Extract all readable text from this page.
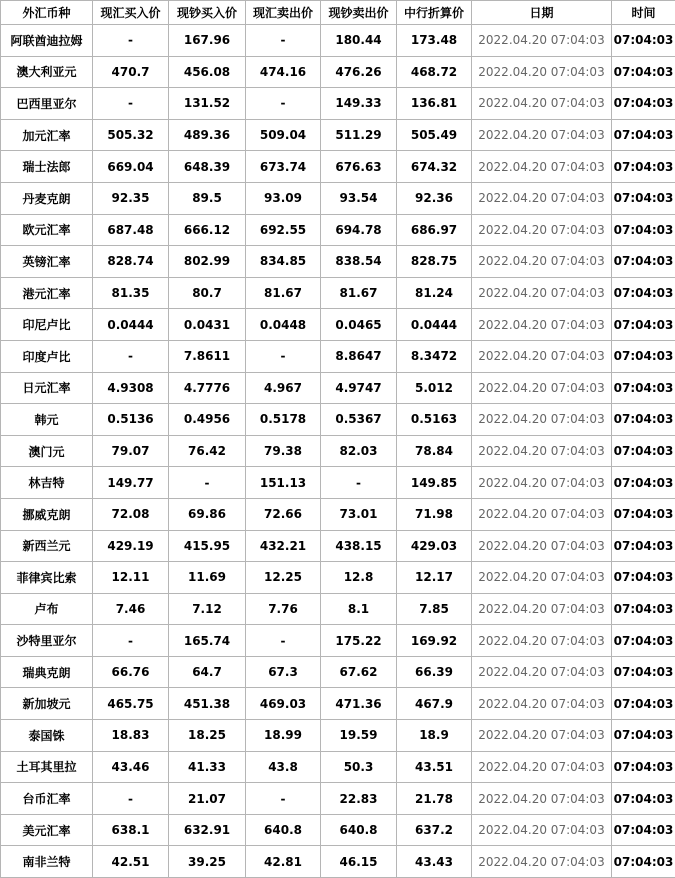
外汇币种	现汇买入价	现钞买入价	现汇卖出价	现钞卖出价	中行折算价	日期	时间
阿联酋迪拉姆	-	167.96	-	180.44	173.48	2022.04.20 07:04:03	07:04:03
澳大利亚元	470.7	456.08	474.16	476.26	468.72	2022.04.20 07:04:03	07:04:03
巴西里亚尔	-	131.52	-	149.33	136.81	2022.04.20 07:04:03	07:04:03
加元汇率	505.32	489.36	509.04	511.29	505.49	2022.04.20 07:04:03	07:04:03
瑞士法郎	669.04	648.39	673.74	676.63	674.32	2022.04.20 07:04:03	07:04:03
丹麦克朗	92.35	89.5	93.09	93.54	92.36	2022.04.20 07:04:03	07:04:03
欧元汇率	687.48	666.12	692.55	694.78	686.97	2022.04.20 07:04:03	07:04:03
英镑汇率	828.74	802.99	834.85	838.54	828.75	2022.04.20 07:04:03	07:04:03
港元汇率	81.35	80.7	81.67	81.67	81.24	2022.04.20 07:04:03	07:04:03
印尼卢比	0.0444	0.0431	0.0448	0.0465	0.0444	2022.04.20 07:04:03	07:04:03
印度卢比	-	7.8611	-	8.8647	8.3472	2022.04.20 07:04:03	07:04:03
日元汇率	4.9308	4.7776	4.967	4.9747	5.012	2022.04.20 07:04:03	07:04:03
韩元	0.5136	0.4956	0.5178	0.5367	0.5163	2022.04.20 07:04:03	07:04:03
澳门元	79.07	76.42	79.38	82.03	78.84	2022.04.20 07:04:03	07:04:03
林吉特	149.77	-	151.13	-	149.85	2022.04.20 07:04:03	07:04:03
挪威克朗	72.08	69.86	72.66	73.01	71.98	2022.04.20 07:04:03	07:04:03
新西兰元	429.19	415.95	432.21	438.15	429.03	2022.04.20 07:04:03	07:04:03
菲律宾比索	12.11	11.69	12.25	12.8	12.17	2022.04.20 07:04:03	07:04:03
卢布	7.46	7.12	7.76	8.1	7.85	2022.04.20 07:04:03	07:04:03
沙特里亚尔	-	165.74	-	175.22	169.92	2022.04.20 07:04:03	07:04:03
瑞典克朗	66.76	64.7	67.3	67.62	66.39	2022.04.20 07:04:03	07:04:03
新加坡元	465.75	451.38	469.03	471.36	467.9	2022.04.20 07:04:03	07:04:03
泰国铢	18.83	18.25	18.99	19.59	18.9	2022.04.20 07:04:03	07:04:03
土耳其里拉	43.46	41.33	43.8	50.3	43.51	2022.04.20 07:04:03	07:04:03
台币汇率	-	21.07	-	22.83	21.78	2022.04.20 07:04:03	07:04:03
美元汇率	638.1	632.91	640.8	640.8	637.2	2022.04.20 07:04:03	07:04:03
南非兰特	42.51	39.25	42.81	46.15	43.43	2022.04.20 07:04:03	07:04:03
